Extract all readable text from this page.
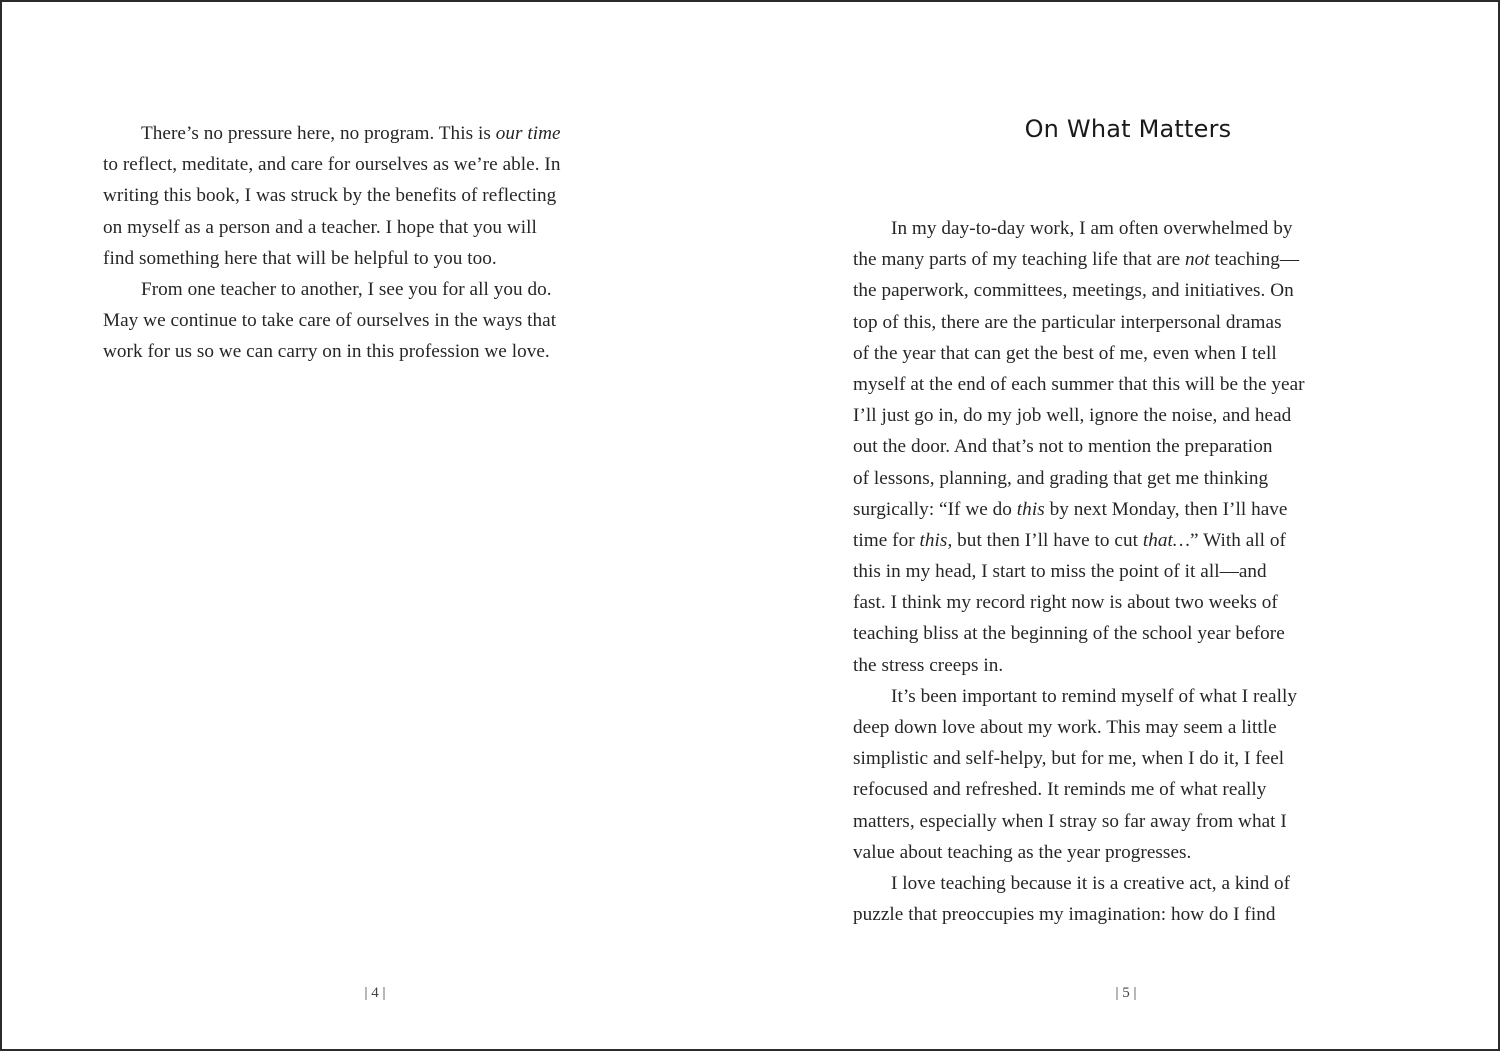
There’s no pressure here, no program. This is our time
to reflect, meditate, and care for ourselves as we’re able. In
writing this book, I was struck by the benefits of reflecting
on myself as a person and a teacher. I hope that you will
find something here that will be helpful to you too.
From one teacher to another, I see you for all you do.
May we continue to take care of ourselves in the ways that
work for us so we can carry on in this profession we love.
| 4 |
On What Matters
In my day-to-day work, I am often overwhelmed by
the many parts of my teaching life that are not teaching—
the paperwork, committees, meetings, and initiatives. On
top of this, there are the particular interpersonal dramas
of the year that can get the best of me, even when I tell
myself at the end of each summer that this will be the year
I’ll just go in, do my job well, ignore the noise, and head
out the door. And that’s not to mention the preparation
of lessons, planning, and grading that get me thinking
surgically: “If we do this by next Monday, then I’ll have
time for this, but then I’ll have to cut that…” With all of
this in my head, I start to miss the point of it all—and
fast. I think my record right now is about two weeks of
teaching bliss at the beginning of the school year before
the stress creeps in.
It’s been important to remind myself of what I really
deep down love about my work. This may seem a little
simplistic and self-helpy, but for me, when I do it, I feel
refocused and refreshed. It reminds me of what really
matters, especially when I stray so far away from what I
value about teaching as the year progresses.
I love teaching because it is a creative act, a kind of
puzzle that preoccupies my imagination: how do I find
| 5 |
